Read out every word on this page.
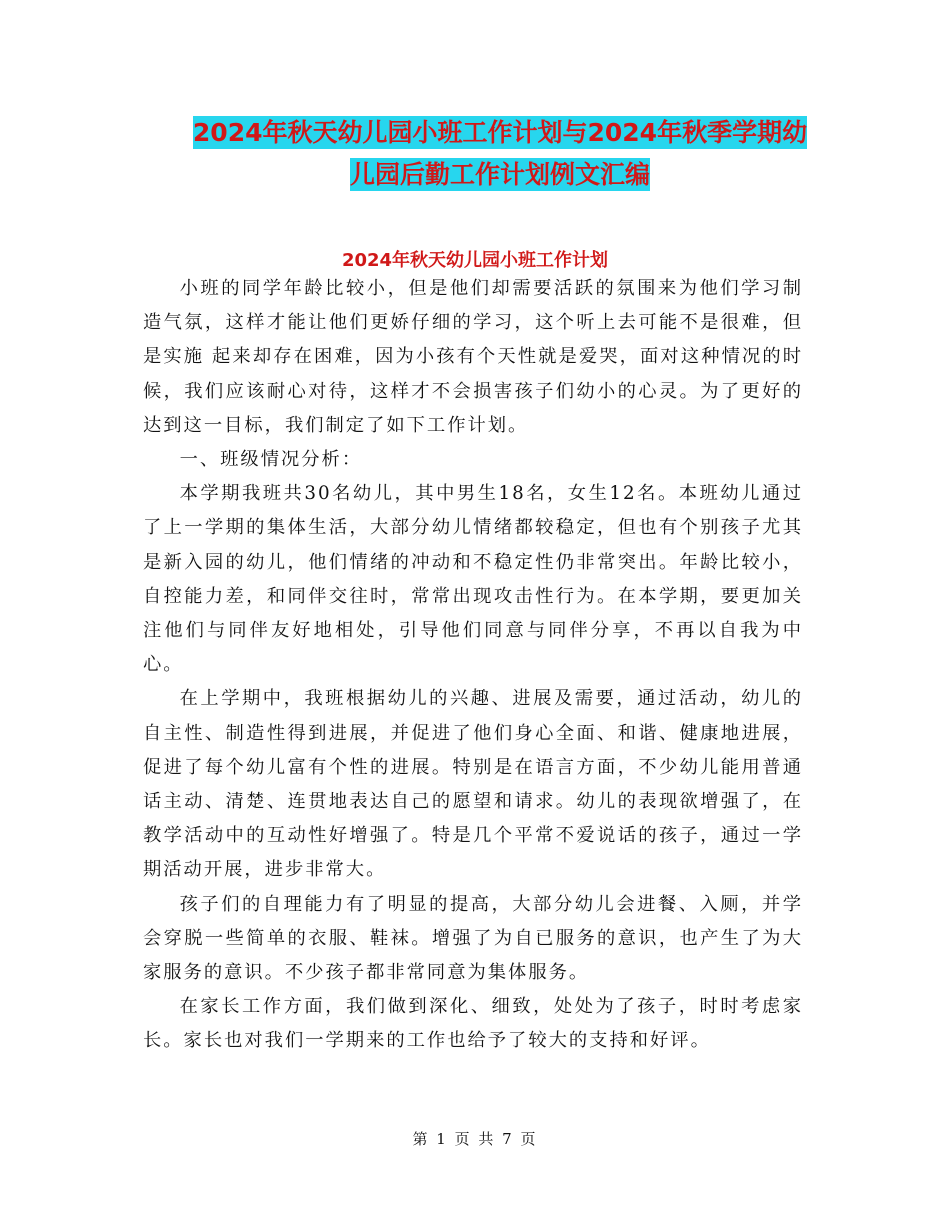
2024年秋天幼儿园小班工作计划与2024年秋季学期幼
儿园后勤工作计划例文汇编
2024年秋天幼儿园小班工作计划

小班的同学年龄比较小，但是他们却需要活跃的氛围来为他们学习制造气氛，这样才能让他们更娇仔细的学习，这个听上去可能不是很难，但是实施 起来却存在困难，因为小孩有个天性就是爱哭，面对这种情况的时候，我们应该耐心对待，这样才不会损害孩子们幼小的心灵。为了更好的达到这一目标，我们制定了如下工作计划。

一、班级情况分析：

本学期我班共30名幼儿，其中男生18名，女生12名。本班幼儿通过了上一学期的集体生活，大部分幼儿情绪都较稳定，但也有个别孩子尤其是新入园的幼儿，他们情绪的冲动和不稳定性仍非常突出。年龄比较小，自控能力差，和同伴交往时，常常出现攻击性行为。在本学期，要更加关注他们与同伴友好地相处，引导他们同意与同伴分享，不再以自我为中心。

在上学期中，我班根据幼儿的兴趣、进展及需要，通过活动，幼儿的自主性、制造性得到进展，并促进了他们身心全面、和谐、健康地进展，促进了每个幼儿富有个性的进展。特别是在语言方面，不少幼儿能用普通话主动、清楚、连贯地表达自己的愿望和请求。幼儿的表现欲增强了，在教学活动中的互动性好增强了。特是几个平常不爱说话的孩子，通过一学期活动开展，进步非常大。

孩子们的自理能力有了明显的提高，大部分幼儿会进餐、入厕，并学会穿脱一些简单的衣服、鞋袜。增强了为自已服务的意识，也产生了为大家服务的意识。不少孩子都非常同意为集体服务。

在家长工作方面，我们做到深化、细致，处处为了孩子，时时考虑家长。家长也对我们一学期来的工作也给予了较大的支持和好评。

第 1 页 共 7 页
